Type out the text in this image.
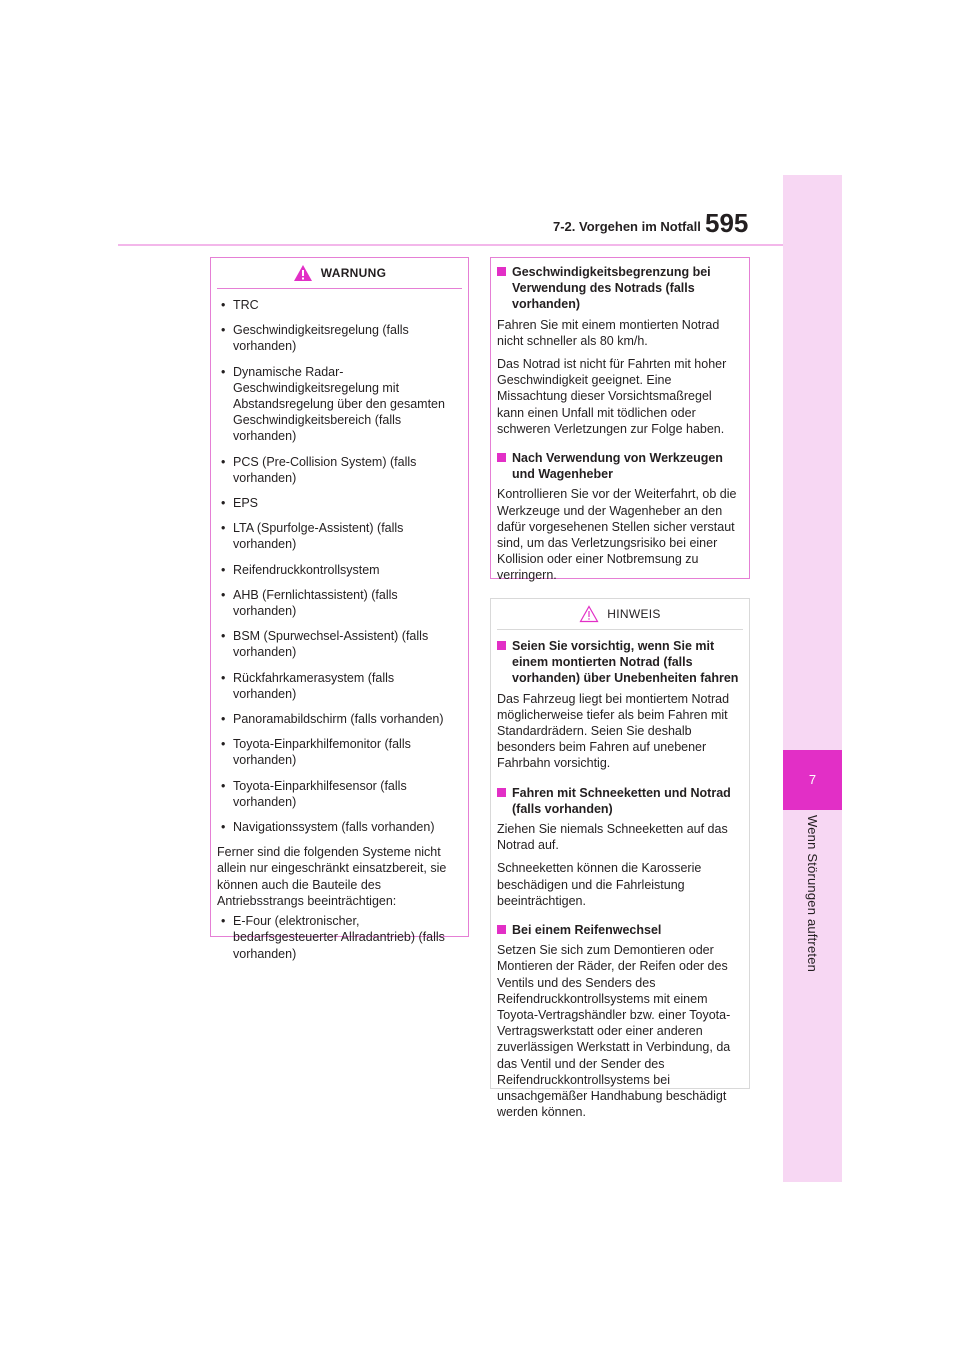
7-2. Vorgehen im Notfall 595
7
Wenn Störungen auftreten
WARNUNG
• TRC
• Geschwindigkeitsregelung (falls vorhanden)
• Dynamische Radar-Geschwindigkeitsregelung mit Abstandsregelung über den gesamten Geschwindigkeitsbereich (falls vorhanden)
• PCS (Pre-Collision System) (falls vorhanden)
• EPS
• LTA (Spurfolge-Assistent) (falls vorhanden)
• Reifendruckkontrollsystem
• AHB (Fernlichtassistent) (falls vorhanden)
• BSM (Spurwechsel-Assistent) (falls vorhanden)
• Rückfahrkamerasystem (falls vorhanden)
• Panoramabildschirm (falls vorhanden)
• Toyota-Einparkhilfemonitor (falls vorhanden)
• Toyota-Einparkhilfesensor (falls vorhanden)
• Navigationssystem (falls vorhanden)

Ferner sind die folgenden Systeme nicht allein nur eingeschränkt einsatzbereit, sie können auch die Bauteile des Antriebsstrangs beeinträchtigen:

• E-Four (elektronischer, bedarfsgesteuerter Allradantrieb) (falls vorhanden)
Geschwindigkeitsbegrenzung bei Verwendung des Notrads (falls vorhanden)

Fahren Sie mit einem montierten Notrad nicht schneller als 80 km/h.

Das Notrad ist nicht für Fahrten mit hoher Geschwindigkeit geeignet. Eine Missachtung dieser Vorsichtsmaßregel kann einen Unfall mit tödlichen oder schweren Verletzungen zur Folge haben.

Nach Verwendung von Werkzeugen und Wagenheber

Kontrollieren Sie vor der Weiterfahrt, ob die Werkzeuge und der Wagenheber an den dafür vorgesehenen Stellen sicher verstaut sind, um das Verletzungsrisiko bei einer Kollision oder einer Notbremsung zu verringern.

HINWEIS
Seien Sie vorsichtig, wenn Sie mit einem montierten Notrad (falls vorhanden) über Unebenheiten fahren

Das Fahrzeug liegt bei montiertem Notrad möglicherweise tiefer als beim Fahren mit Standardrädern. Seien Sie deshalb besonders beim Fahren auf unebener Fahrbahn vorsichtig.

Fahren mit Schneeketten und Notrad (falls vorhanden)

Ziehen Sie niemals Schneeketten auf das Notrad auf.

Schneeketten können die Karosserie beschädigen und die Fahrleistung beeinträchtigen.

Bei einem Reifenwechsel

Setzen Sie sich zum Demontieren oder Montieren der Räder, der Reifen oder des Ventils und des Senders des Reifendruckkontrollsystems mit einem Toyota-Vertragshändler bzw. einer Toyota-Vertragswerkstatt oder einer anderen zuverlässigen Werkstatt in Verbindung, da das Ventil und der Sender des Reifendruckkontrollsystems bei unsachgemäßer Handhabung beschädigt werden können.
